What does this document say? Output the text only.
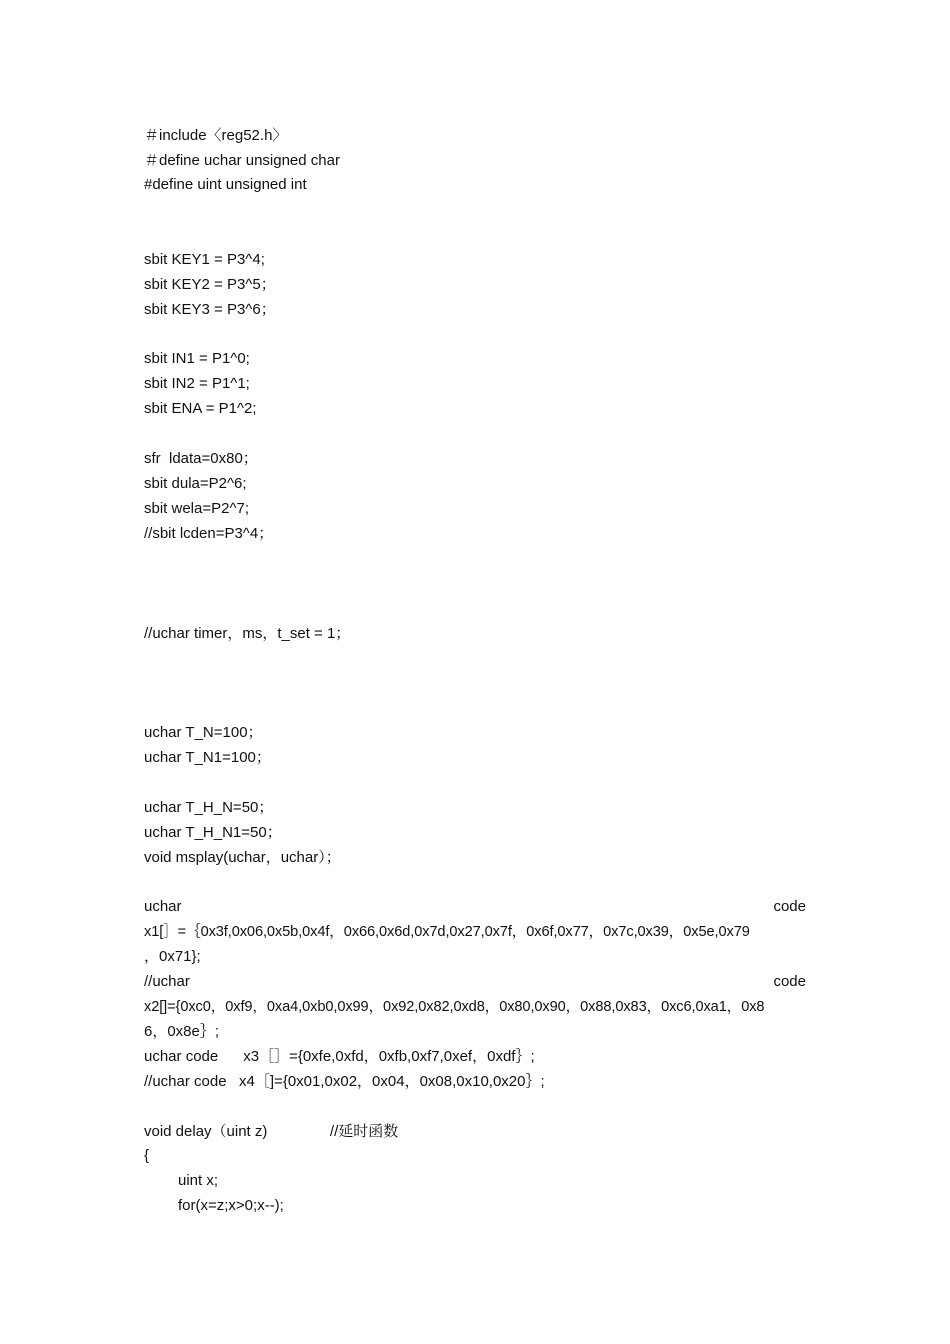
＃include〈reg52.h〉
＃define uchar unsigned char
#define uint unsigned int
sbit KEY1 = P3^4;
sbit KEY2 = P3^5；
sbit KEY3 = P3^6；
sbit IN1 = P1^0;
sbit IN2 = P1^1;
sbit ENA = P1^2;
sfr  ldata=0x80；
sbit dula=P2^6;
sbit wela=P2^7;
//sbit lcden=P3^4；
//uchar timer，ms，t_set = 1；
uchar T_N=100；
uchar T_N1=100；
uchar T_H_N=50；
uchar T_H_N1=50；
void msplay(uchar，uchar）；
uchar	code
x1[］=｛0x3f,0x06,0x5b,0x4f，0x66,0x6d,0x7d,0x27,0x7f，0x6f,0x77，0x7c,0x39，0x5e,0x79
，0x71};
//uchar	code
x2[]={0xc0，0xf9，0xa4,0xb0,0x99，0x92,0x82,0xd8，0x80,0x90，0x88,0x83，0xc6,0xa1，0x8
6，0x8e｝;
uchar code      x3［］={0xfe,0xfd，0xfb,0xf7,0xef，0xdf｝;
//uchar code   x4［]={0x01,0x02，0x04，0x08,0x10,0x20｝;
void delay（uint z)               //延时函数
{
uint x;
for(x=z;x>0;x--);
